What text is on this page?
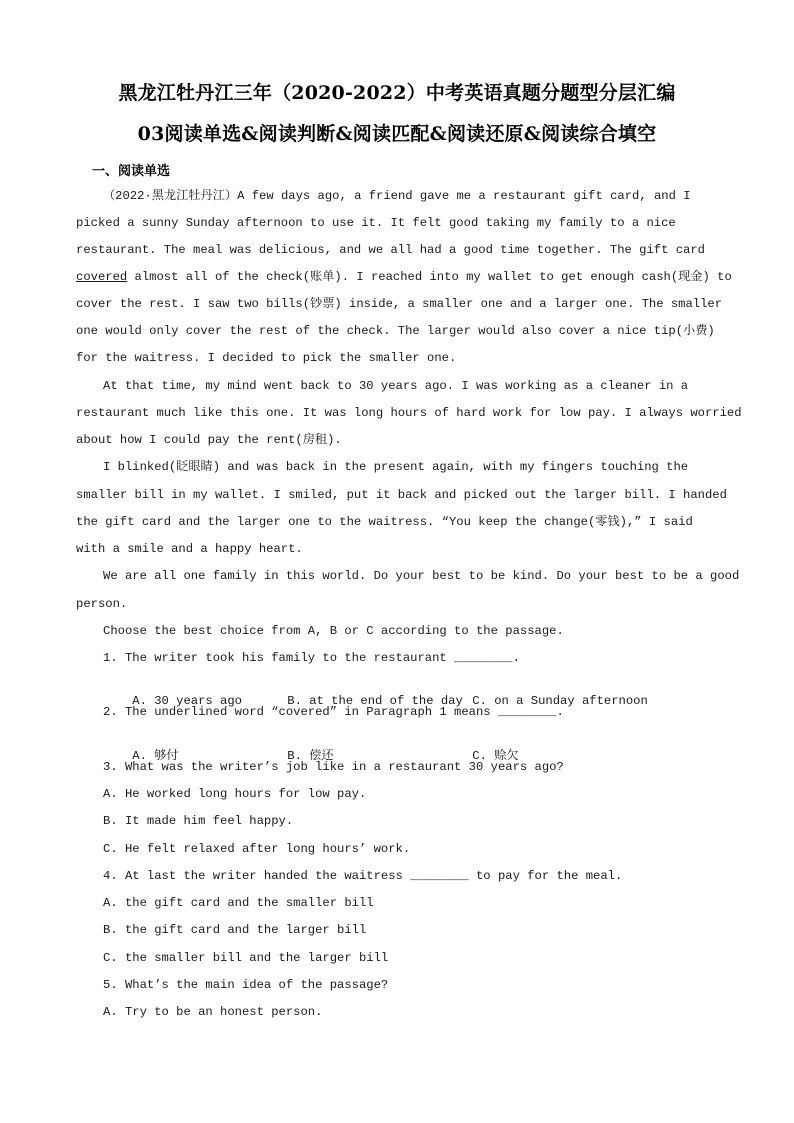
黑龙江牡丹江三年（2020-2022）中考英语真题分题型分层汇编
03阅读单选&阅读判断&阅读匹配&阅读还原&阅读综合填空
一、阅读单选
（2022·黑龙江牡丹江）A few days ago, a friend gave me a restaurant gift card, and I
picked a sunny Sunday afternoon to use it. It felt good taking my family to a nice
restaurant. The meal was delicious, and we all had a good time together. The gift card
covered almost all of the check(账单). I reached into my wallet to get enough cash(现金) to
cover the rest. I saw two bills(钞票) inside, a smaller one and a larger one. The smaller
one would only cover the rest of the check. The larger would also cover a nice tip(小费)
for the waitress. I decided to pick the smaller one.
At that time, my mind went back to 30 years ago. I was working as a cleaner in a
restaurant much like this one. It was long hours of hard work for low pay. I always worried
about how I could pay the rent(房租).
I blinked(眨眼睛) and was back in the present again, with my fingers touching the
smaller bill in my wallet. I smiled, put it back and picked out the larger bill. I handed
the gift card and the larger one to the waitress. “You keep the change(零钱),” I said
with a smile and a happy heart.
We are all one family in this world. Do your best to be kind. Do your best to be a good
person.
Choose the best choice from A, B or C according to the passage.
1. The writer took his family to the restaurant ________.

A. 30 years ago	B. at the end of the day C. on a Sunday afternoon

2. The underlined word “covered” in Paragraph 1 means ________.

A. 够付	B. 偿还	C. 赊欠

3. What was the writer’s job like in a restaurant 30 years ago?
A. He worked long hours for low pay.
B. It made him feel happy.
C. He felt relaxed after long hours’ work.
4. At last the writer handed the waitress ________ to pay for the meal.
A. the gift card and the smaller bill
B. the gift card and the larger bill
C. the smaller bill and the larger bill
5. What’s the main idea of the passage?
A. Try to be an honest person.
